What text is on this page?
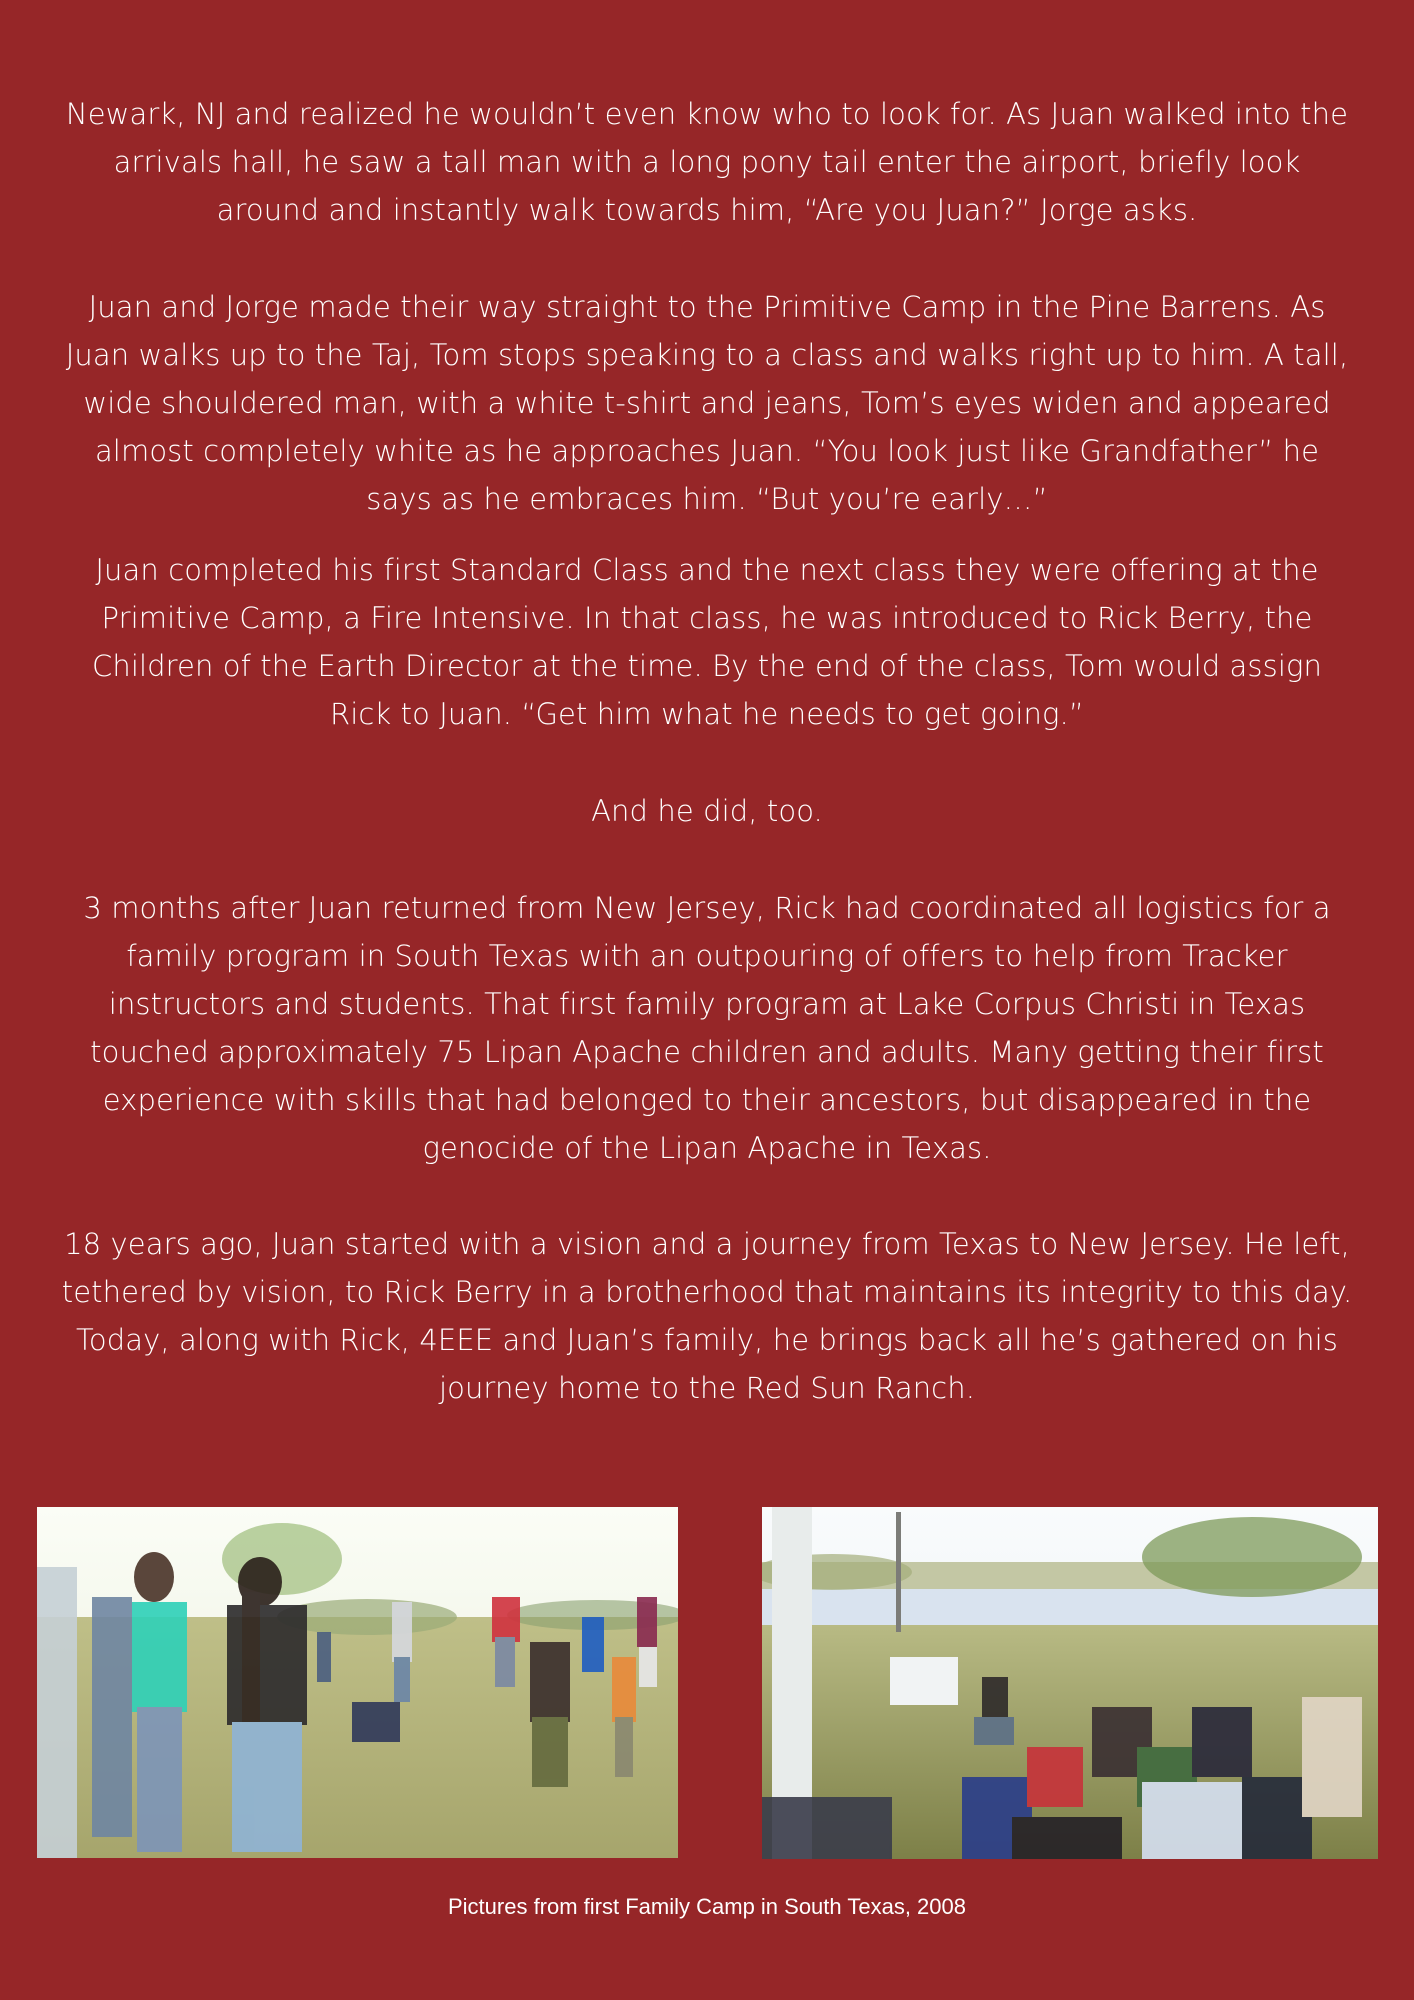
Newark, NJ and realized he wouldn’t even know who to look for. As Juan walked into the arrivals hall, he saw a tall man with a long pony tail enter the airport, briefly look around and instantly walk towards him, “Are you Juan?” Jorge asks.

Juan and Jorge made their way straight to the Primitive Camp in the Pine Barrens. As Juan walks up to the Taj, Tom stops speaking to a class and walks right up to him. A tall, wide shouldered man, with a white t-shirt and jeans, Tom’s eyes widen and appeared almost completely white as he approaches Juan. “You look just like Grandfather” he says as he embraces him. “But you’re early…”

Juan completed his first Standard Class and the next class they were offering at the Primitive Camp, a Fire Intensive. In that class, he was introduced to Rick Berry, the Children of the Earth Director at the time. By the end of the class, Tom would assign Rick to Juan. “Get him what he needs to get going.”

And he did, too.

3 months after Juan returned from New Jersey, Rick had coordinated all logistics for a family program in South Texas with an outpouring of offers to help from Tracker instructors and students. That first family program at Lake Corpus Christi in Texas touched approximately 75 Lipan Apache children and adults. Many getting their first experience with skills that had belonged to their ancestors, but disappeared in the genocide of the Lipan Apache in Texas.

18 years ago, Juan started with a vision and a journey from Texas to New Jersey. He left, tethered by vision, to Rick Berry in a brotherhood that maintains its integrity to this day. Today, along with Rick, 4EEE and Juan’s family, he brings back all he’s gathered on his journey home to the Red Sun Ranch.

Pictures from first Family Camp in South Texas, 2008
